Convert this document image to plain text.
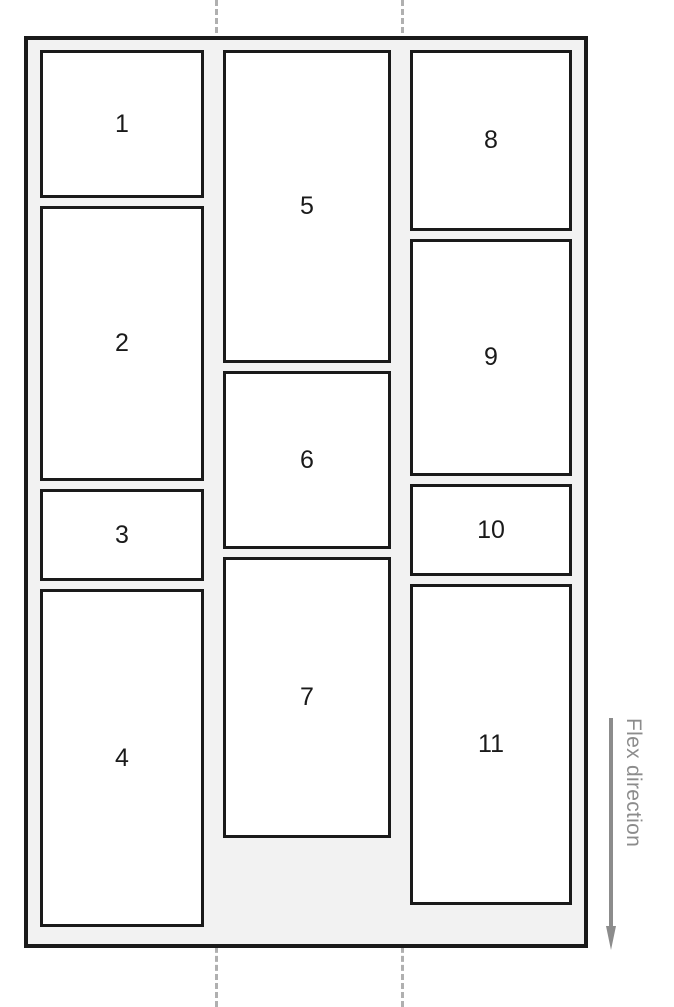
1
2
3
4
5
6
7
8
9
10
11	Flex direction
